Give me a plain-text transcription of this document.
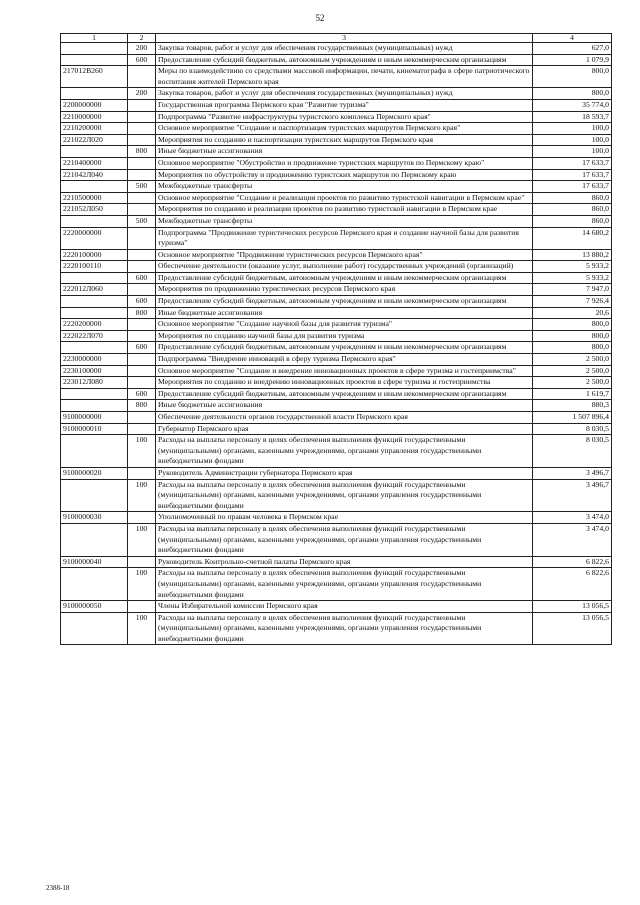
52
1	2	3	4
	200	Закупка товаров, работ и услуг для обеспечения государственных (муниципальных) нужд	627,0
	600	Предоставление субсидий бюджетным, автономным учреждениям и иным некоммерческим организациям	1 079,9
217012B260		Меры по взаимодействию со средствами массовой информации, печати, кинематографа в сфере патриотического воспитания жителей Пермского края	800,0
	200	Закупка товаров, работ и услуг для обеспечения государственных (муниципальных) нужд	800,0
2200000000		Государственная программа Пермского края "Развитие туризма"	35 774,0
2210000000		Подпрограмма "Развитие инфраструктуры туристского комплекса Пермского края"	18 593,7
2210200000		Основное мероприятие "Создание и паспортизация туристских маршрутов Пермского края"	100,0
221022Л020		Мероприятия по созданию и паспортизации туристских маршрутов Пермского края	100,0
	800	Иные бюджетные ассигнования	100,0
2210400000		Основное мероприятие "Обустройство и продвижение туристских маршрутов по Пермскому краю"	17 633,7
221042Л040		Мероприятия по обустройству и продвижению туристских маршрутов по Пермскому краю	17 633,7
	500	Межбюджетные трансферты	17 633,7
2210500000		Основное мероприятие "Создание и реализация проектов по развитию туристской навигации в Пермском крае"	860,0
221052Л050		Мероприятия по созданию и реализации проектов по развитию туристской навигации в Пермском крае	860,0
	500	Межбюджетные трансферты	860,0
2220000000		Подпрограмма "Продвижение туристических ресурсов Пермского края и создание научной базы для развития туризма"	14 680,2
2220100000		Основное мероприятие "Продвижение туристических ресурсов Пермского края"	13 880,2
2220100110		Обеспечение деятельности (оказание услуг, выполнение работ) государственных учреждений (организаций)	5 933,2
	600	Предоставление субсидий бюджетным, автономным учреждениям и иным некоммерческим организациям	5 933,2
222012Л060		Мероприятия по продвижению туристических ресурсов Пермского края	7 947,0
	600	Предоставление субсидий бюджетным, автономным учреждениям и иным некоммерческим организациям	7 926,4
	800	Иные бюджетные ассигнования	20,6
2220200000		Основное мероприятие "Создание научной базы для развития туризма"	800,0
222022Л070		Мероприятия по созданию научной базы для развития туризма	800,0
	600	Предоставление субсидий бюджетным, автономным учреждениям и иным некоммерческим организациям	800,0
2230000000		Подпрограмма "Внедрение инноваций в сферу туризма Пермского края"	2 500,0
2230100000		Основное мероприятие "Создание и внедрение инновационных проектов в сфере туризма и гостеприимства"	2 500,0
223012Л080		Мероприятия по созданию и внедрению инновационных проектов в сфере туризма и гостеприимства	2 500,0
	600	Предоставление субсидий бюджетным, автономным учреждениям и иным некоммерческим организациям	1 619,7
	800	Иные бюджетные ассигнования	880,3
9100000000		Обеспечение деятельности органов государственной власти Пермского края	1 507 896,4
9100000010		Губернатор Пермского края	8 030,5
	100	Расходы на выплаты персоналу в целях обеспечения выполнения функций государственными (муниципальными) органами, казенными учреждениями, органами управления государственными внебюджетными фондами	8 030,5
9100000020		Руководитель Администрации губернатора Пермского края	3 496,7
	100	Расходы на выплаты персоналу в целях обеспечения выполнения функций государственными (муниципальными) органами, казенными учреждениями, органами управления государственными внебюджетными фондами	3 496,7
9100000030		Уполномоченный по правам человека в Пермском крае	3 474,0
	100	Расходы на выплаты персоналу в целях обеспечения выполнения функций государственными (муниципальными) органами, казенными учреждениями, органами управления государственными внебюджетными фондами	3 474,0
9100000040		Руководитель Контрольно-счетной палаты Пермского края	6 822,6
	100	Расходы на выплаты персоналу в целях обеспечения выполнения функций государственными (муниципальными) органами, казенными учреждениями, органами управления государственными внебюджетными фондами	6 822,6
9100000050		Члены Избирательной комиссии Пермского края	13 056,5
	100	Расходы на выплаты персоналу в целях обеспечения выполнения функций государственными (муниципальными) органами, казенными учреждениями, органами управления государственными внебюджетными фондами	13 056,5
2388-18
